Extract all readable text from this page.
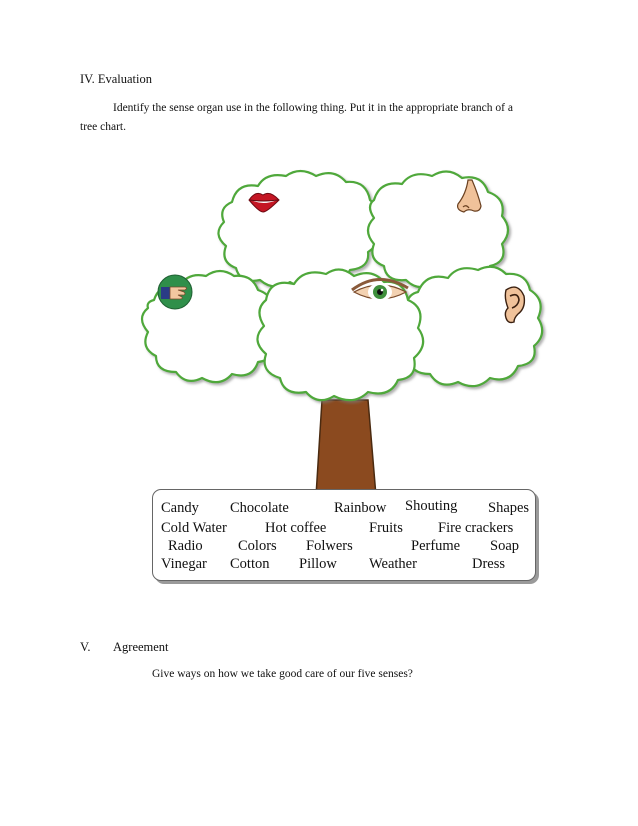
IV. Evaluation
Identify the sense organ use in the following thing. Put it in the appropriate branch of a
tree chart.
Candy Chocolate	Rainbow Shouting Shapes
Cold Water	Hot coffee	Fruits Fire crackers
Radio Colors Folwers	Perfume Soap
Vinegar Cotton Pillow Weather	Dress
V. Agreement
Give ways on how we take good care of our five senses?
